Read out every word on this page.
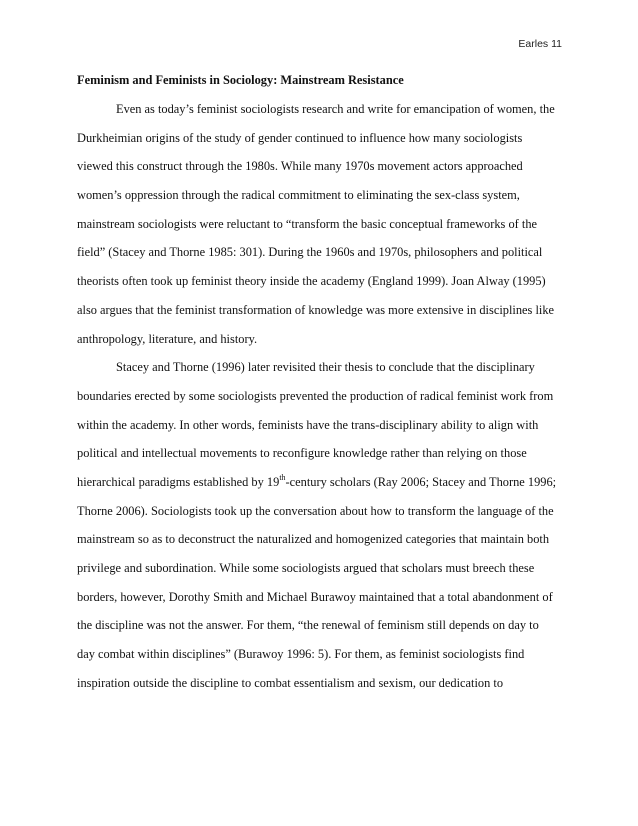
Earles 11
Feminism and Feminists in Sociology: Mainstream Resistance
Even as today’s feminist sociologists research and write for emancipation of women, the
Durkheimian origins of the study of gender continued to influence how many sociologists
viewed this construct through the 1980s. While many 1970s movement actors approached
women’s oppression through the radical commitment to eliminating the sex-class system,
mainstream sociologists were reluctant to “transform the basic conceptual frameworks of the
field” (Stacey and Thorne 1985: 301). During the 1960s and 1970s, philosophers and political
theorists often took up feminist theory inside the academy (England 1999). Joan Alway (1995)
also argues that the feminist transformation of knowledge was more extensive in disciplines like
anthropology, literature, and history.
Stacey and Thorne (1996) later revisited their thesis to conclude that the disciplinary
boundaries erected by some sociologists prevented the production of radical feminist work from
within the academy. In other words, feminists have the trans-disciplinary ability to align with
political and intellectual movements to reconfigure knowledge rather than relying on those
hierarchical paradigms established by 19th-century scholars (Ray 2006; Stacey and Thorne 1996;
Thorne 2006). Sociologists took up the conversation about how to transform the language of the
mainstream so as to deconstruct the naturalized and homogenized categories that maintain both
privilege and subordination. While some sociologists argued that scholars must breech these
borders, however, Dorothy Smith and Michael Burawoy maintained that a total abandonment of
the discipline was not the answer. For them, “the renewal of feminism still depends on day to
day combat within disciplines” (Burawoy 1996: 5). For them, as feminist sociologists find
inspiration outside the discipline to combat essentialism and sexism, our dedication to
